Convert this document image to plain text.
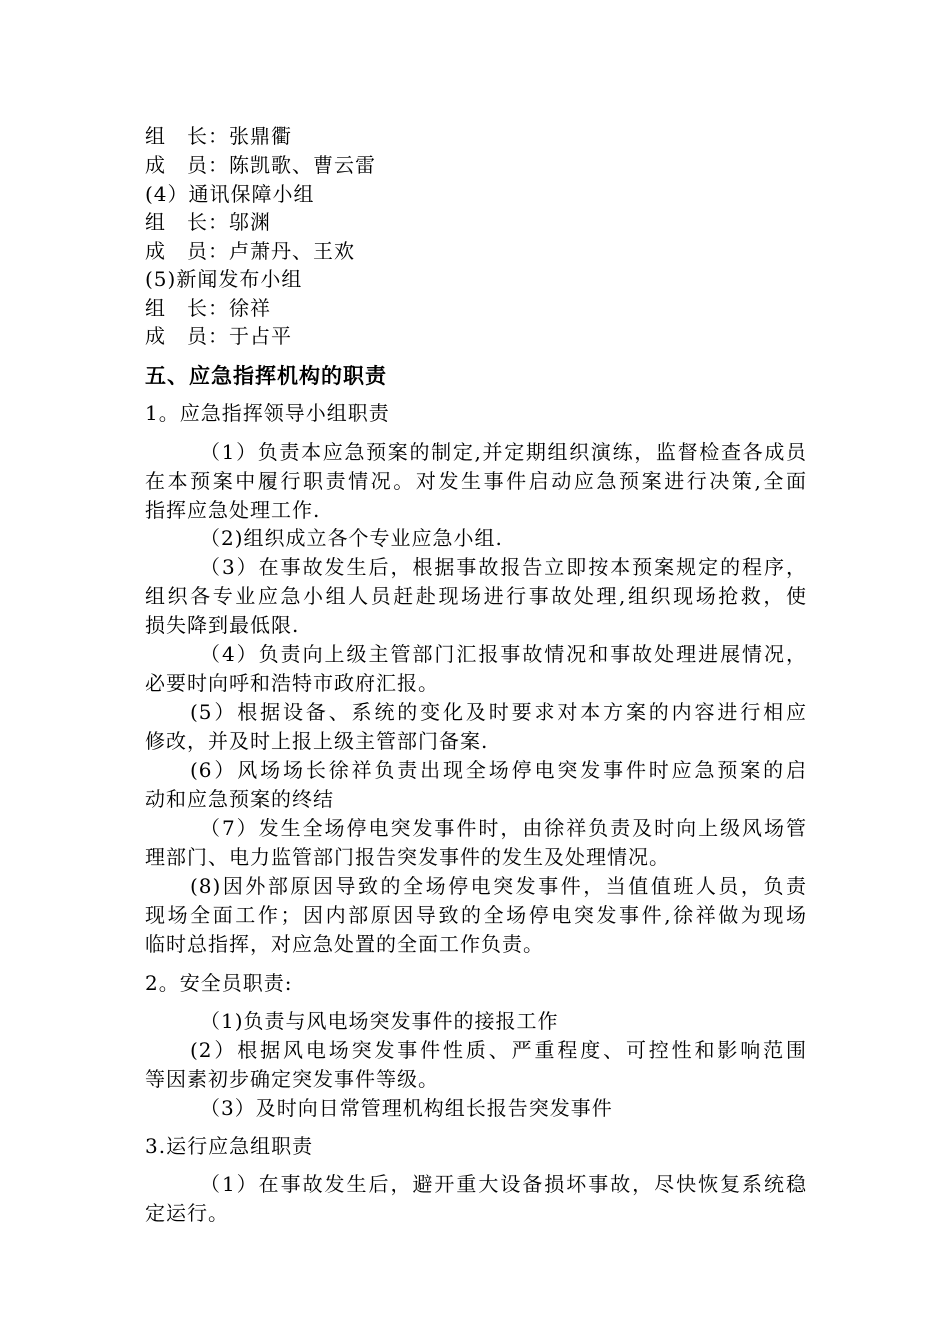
组　长：张鼎衢
成　员：陈凯歌、曹云雷
(4）通讯保障小组
组　长：邬渊
成　员：卢萧丹、王欢
(5)新闻发布小组
组　长：徐祥
成　员：于占平
五、应急指挥机构的职责
1。应急指挥领导小组职责
（1）负责本应急预案的制定,并定期组织演练，监督检查各成员
在本预案中履行职责情况。对发生事件启动应急预案进行决策,全面
指挥应急处理工作.
（2)组织成立各个专业应急小组.
（3）在事故发生后，根据事故报告立即按本预案规定的程序，
组织各专业应急小组人员赶赴现场进行事故处理,组织现场抢救，使
损失降到最低限.
（4）负责向上级主管部门汇报事故情况和事故处理进展情况，
必要时向呼和浩特市政府汇报。
(5）根据设备、系统的变化及时要求对本方案的内容进行相应
修改，并及时上报上级主管部门备案.
(6）风场场长徐祥负责出现全场停电突发事件时应急预案的启
动和应急预案的终结
（7）发生全场停电突发事件时，由徐祥负责及时向上级风场管
理部门、电力监管部门报告突发事件的发生及处理情况。
(8)因外部原因导致的全场停电突发事件，当值值班人员，负责
现场全面工作；因内部原因导致的全场停电突发事件,徐祥做为现场
临时总指挥，对应急处置的全面工作负责。
2。安全员职责:
（1)负责与风电场突发事件的接报工作
(2）根据风电场突发事件性质、严重程度、可控性和影响范围
等因素初步确定突发事件等级。
（3）及时向日常管理机构组长报告突发事件
3.运行应急组职责
（1）在事故发生后，避开重大设备损坏事故，尽快恢复系统稳
定运行。
